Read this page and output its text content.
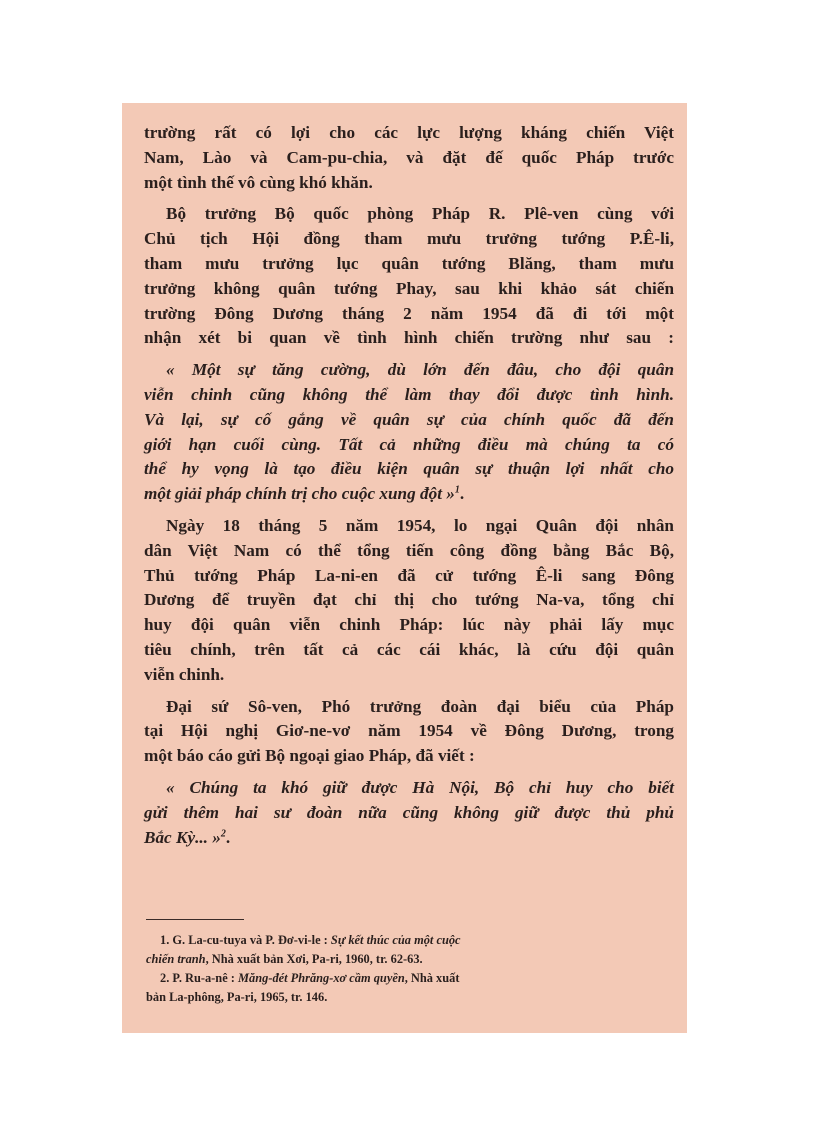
trường rất có lợi cho các lực lượng kháng chiến Việt
Nam, Lào và Cam-pu-chia, và đặt đế quốc Pháp trước
một tình thế vô cùng khó khăn.

Bộ trưởng Bộ quốc phòng Pháp R. Plê-ven cùng với
Chủ tịch Hội đồng tham mưu trưởng tướng P.Ê-li,
tham mưu trưởng lục quân tướng Blăng, tham mưu
trưởng không quân tướng Phay, sau khi khảo sát chiến
trường Đông Dương tháng 2 năm 1954 đã đi tới một
nhận xét bi quan về tình hình chiến trường như sau :

« Một sự tăng cường, dù lớn đến đâu, cho đội quân
viễn chinh cũng không thể làm thay đổi được tình hình.
Và lại, sự cố gắng về quân sự của chính quốc đã đến
giới hạn cuối cùng. Tất cả những điều mà chúng ta có
thể hy vọng là tạo điều kiện quân sự thuận lợi nhất cho
một giải pháp chính trị cho cuộc xung đột »$^1$.

Ngày 18 tháng 5 năm 1954, lo ngại Quân đội nhân
dân Việt Nam có thể tổng tiến công đồng bằng Bắc Bộ,
Thủ tướng Pháp La-ni-en đã cử tướng Ê-li sang Đông
Dương để truyền đạt chỉ thị cho tướng Na-va, tổng chỉ
huy đội quân viễn chinh Pháp: lúc này phải lấy mục
tiêu chính, trên tất cả các cái khác, là cứu đội quân
viễn chinh.

Đại sứ Sô-ven, Phó trưởng đoàn đại biểu của Pháp
tại Hội nghị Giơ-ne-vơ năm 1954 về Đông Dương, trong
một báo cáo gửi Bộ ngoại giao Pháp, đã viết :

« Chúng ta khó giữ được Hà Nội, Bộ chỉ huy cho biết
gửi thêm hai sư đoàn nữa cũng không giữ được thủ phủ
Bắc Kỳ... »$^2$.

1. G. La-cu-tuya và P. Đơ-vi-le : Sự kết thúc của một cuộc
chiến tranh, Nhà xuất bản Xơi, Pa-ri, 1960, tr. 62-63.
2. P. Ru-a-nê : Măng-đét Phrăng-xơ cầm quyền, Nhà xuất
bản La-phông, Pa-ri, 1965, tr. 146.
